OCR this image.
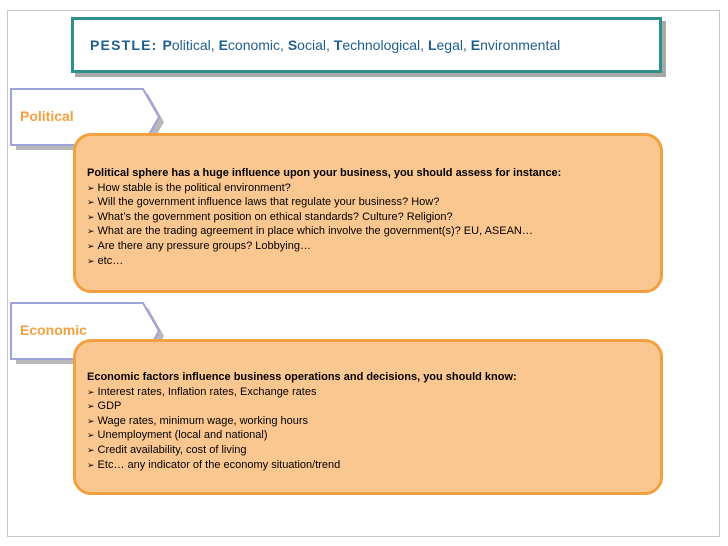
PESTLE: Political, Economic, Social, Technological, Legal, Environmental
Political
Political sphere has a huge influence upon your business, you should assess for instance:
➢ How stable is the political environment?
➢ Will the government influence laws that regulate your business? How?
➢ What’s the government position on ethical standards? Culture? Religion?
➢ What are the trading agreement in place which involve the government(s)? EU, ASEAN…
➢ Are there any pressure groups? Lobbying…
➢ etc…
Economic
Economic factors influence business operations and decisions, you should know:
➢ Interest rates, Inflation rates, Exchange rates
➢ GDP
➢ Wage rates, minimum wage, working hours
➢ Unemployment (local and national)
➢ Credit availability, cost of living
➢ Etc… any indicator of the economy situation/trend
